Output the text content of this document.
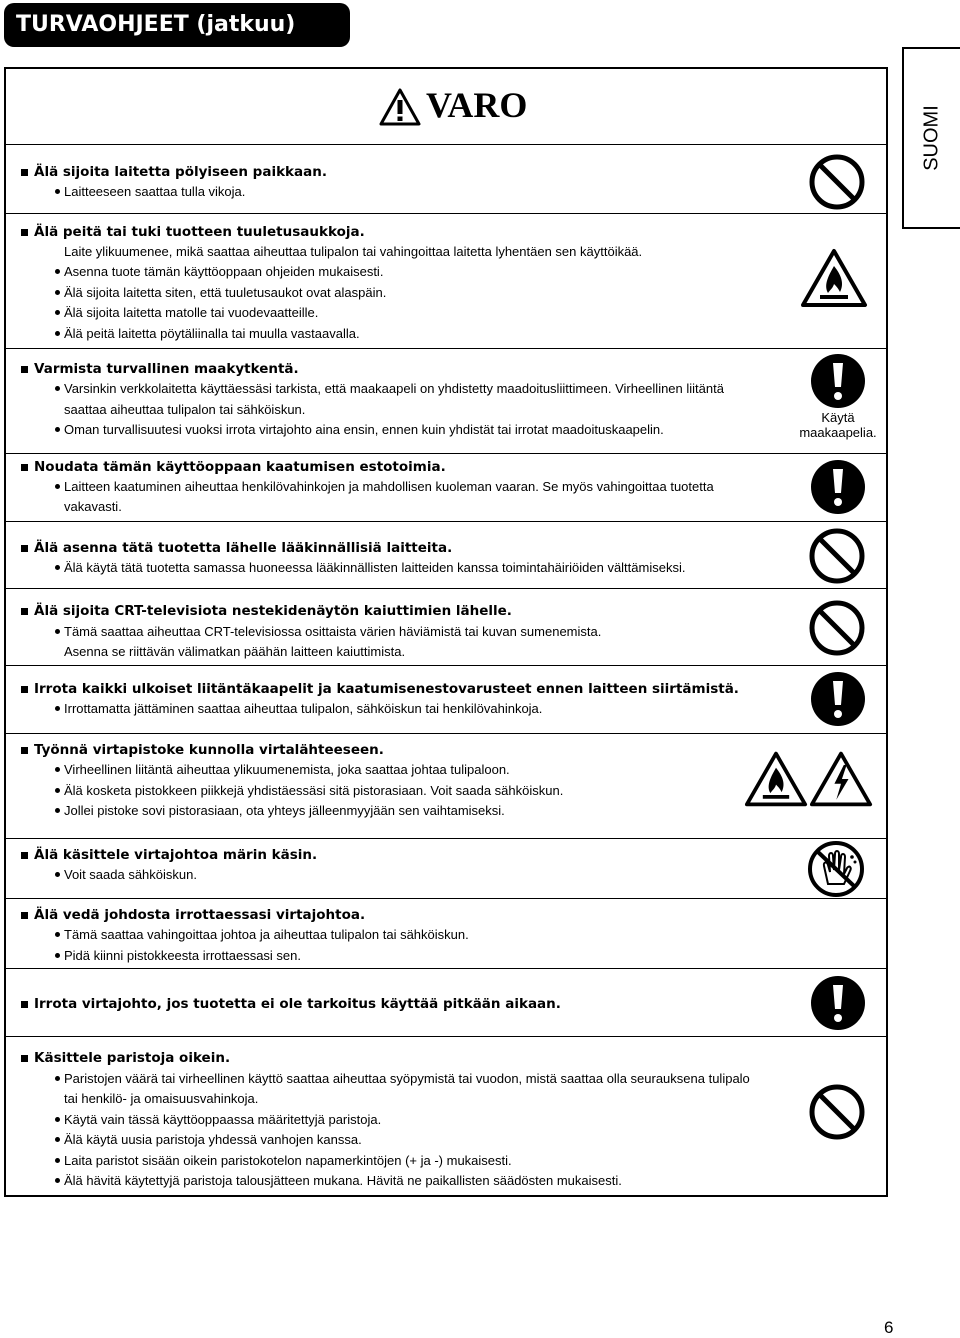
TURVAOHJEET (jatkuu)
SUOMI
VARO
Älä sijoita laitetta pölyiseen paikkaan.
Laitteeseen saattaa tulla vikoja.
Älä peitä tai tuki tuotteen tuuletusaukkoja.
Laite ylikuumenee, mikä saattaa aiheuttaa tulipalon tai vahingoittaa laitetta lyhentäen sen käyttöikää.
Asenna tuote tämän käyttöoppaan ohjeiden mukaisesti.
Älä sijoita laitetta siten, että tuuletusaukot ovat alaspäin.
Älä sijoita laitetta matolle tai vuodevaatteille.
Älä peitä laitetta pöytäliinalla tai muulla vastaavalla.
Varmista turvallinen maakytkentä.
Varsinkin verkkolaitetta käyttäessäsi tarkista, että maakaapeli on yhdistetty maadoitusliittimeen. Virheellinen liitäntä
saattaa aiheuttaa tulipalon tai sähköiskun.
Oman turvallisuutesi vuoksi irrota virtajohto aina ensin, ennen kuin yhdistät tai irrotat maadoituskaapelin.
Käytä
maakaapelia.
Noudata tämän käyttöoppaan kaatumisen estotoimia.
Laitteen kaatuminen aiheuttaa henkilövahinkojen ja mahdollisen kuoleman vaaran. Se myös vahingoittaa tuotetta
vakavasti.
Älä asenna tätä tuotetta lähelle lääkinnällisiä laitteita.
Älä käytä tätä tuotetta samassa huoneessa lääkinnällisten laitteiden kanssa toimintahäiriöiden välttämiseksi.
Älä sijoita CRT-televisiota nestekidenäytön kaiuttimien lähelle.
Tämä saattaa aiheuttaa CRT-televisiossa osittaista värien häviämistä tai kuvan sumenemista.
Asenna se riittävän välimatkan päähän laitteen kaiuttimista.
Irrota kaikki ulkoiset liitäntäkaapelit ja kaatumisenestovarusteet ennen laitteen siirtämistä.
Irrottamatta jättäminen saattaa aiheuttaa tulipalon, sähköiskun tai henkilövahinkoja.
Työnnä virtapistoke kunnolla virtalähteeseen.
Virheellinen liitäntä aiheuttaa ylikuumenemista, joka saattaa johtaa tulipaloon.
Älä kosketa pistokkeen piikkejä yhdistäessäsi sitä pistorasiaan. Voit saada sähköiskun.
Jollei pistoke sovi pistorasiaan, ota yhteys jälleenmyyjään sen vaihtamiseksi.
Älä käsittele virtajohtoa märin käsin.
Voit saada sähköiskun.
Älä vedä johdosta irrottaessasi virtajohtoa.
Tämä saattaa vahingoittaa johtoa ja aiheuttaa tulipalon tai sähköiskun.
Pidä kiinni pistokkeesta irrottaessasi sen.
Irrota virtajohto, jos tuotetta ei ole tarkoitus käyttää pitkään aikaan.
Käsittele paristoja oikein.
Paristojen väärä tai virheellinen käyttö saattaa aiheuttaa syöpymistä tai vuodon, mistä saattaa olla seurauksena tulipalo
tai henkilö- ja omaisuusvahinkoja.
Käytä vain tässä käyttöoppaassa määritettyjä paristoja.
Älä käytä uusia paristoja yhdessä vanhojen kanssa.
Laita paristot sisään oikein paristokotelon napamerkintöjen (+ ja -) mukaisesti.
Älä hävitä käytettyjä paristoja talousjätteen mukana. Hävitä ne paikallisten säädösten mukaisesti.
6
